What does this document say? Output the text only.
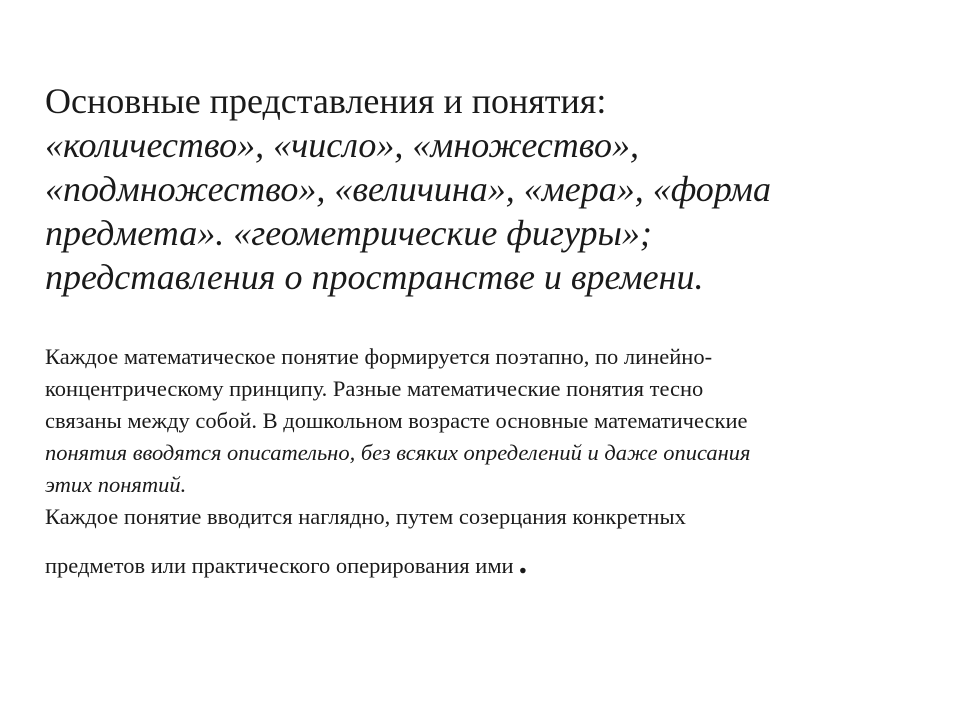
Основные представления и понятия:
«количество», «число», «множество»,
«подмножество», «величина», «мера», «форма
предмета». «геометрические фигуры»;
представления о пространстве и времени.
Каждое математическое понятие формируется поэтапно, по линейно-
концентрическому принципу. Разные математические понятия тесно
связаны между собой. В дошкольном возрасте основные математические
понятия вводятся описательно, без всяких определений и даже описания
этих понятий.
Каждое понятие вводится наглядно, путем созерцания конкретных
предметов или практического оперирования ими .
